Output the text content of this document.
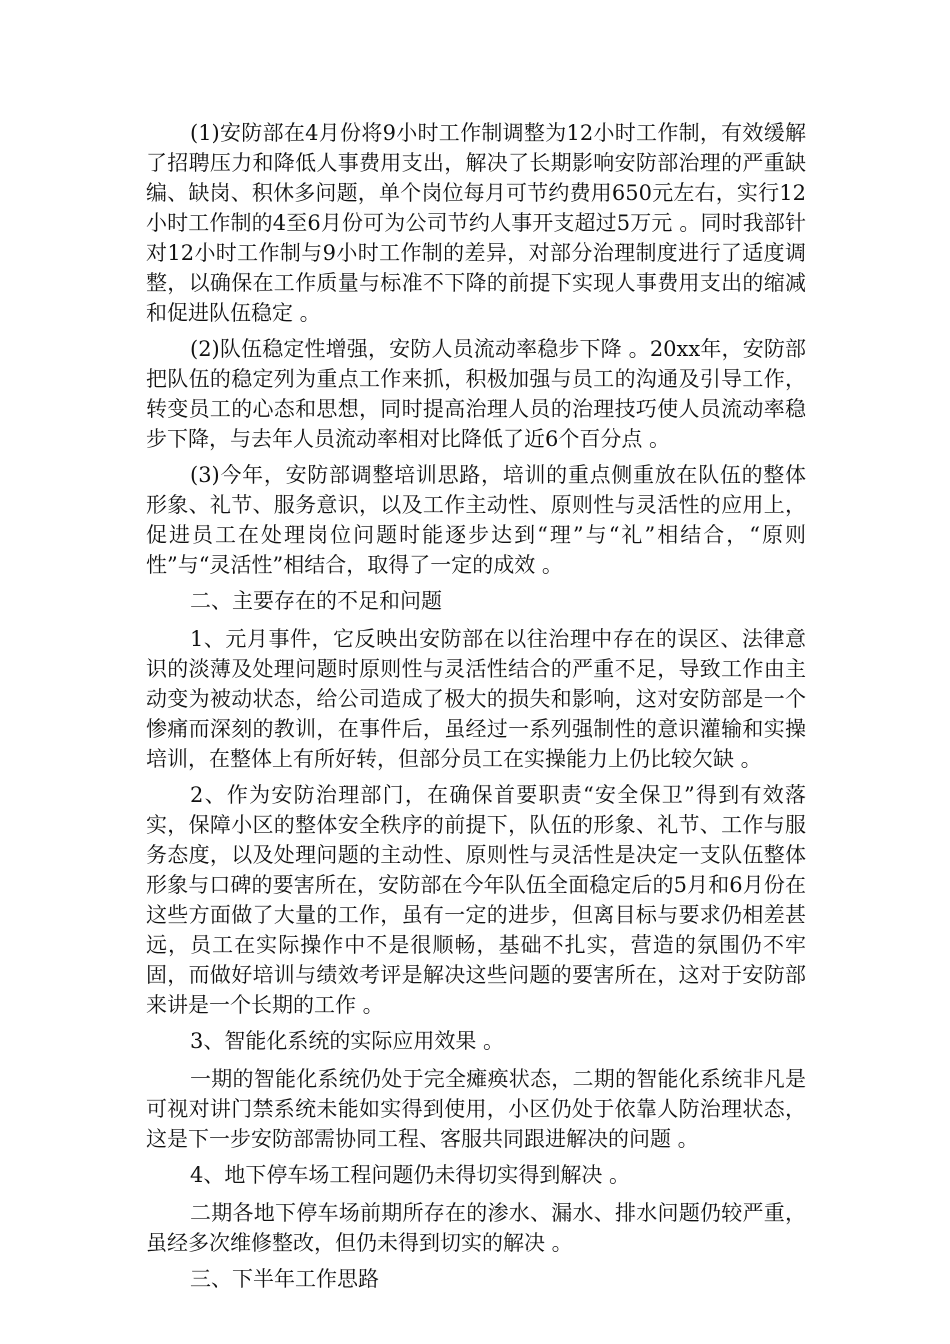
(1)安防部在4月份将9小时工作制调整为12小时工作制，有效缓解了招聘压力和降低人事费用支出，解决了长期影响安防部治理的严重缺编、缺岗、积休多问题，单个岗位每月可节约费用650元左右，实行12小时工作制的4至6月份可为公司节约人事开支超过5万元 。同时我部针对12小时工作制与9小时工作制的差异，对部分治理制度进行了适度调整，以确保在工作质量与标准不下降的前提下实现人事费用支出的缩减和促进队伍稳定 。

(2)队伍稳定性增强，安防人员流动率稳步下降 。20xx年，安防部把队伍的稳定列为重点工作来抓，积极加强与员工的沟通及引导工作，转变员工的心态和思想，同时提高治理人员的治理技巧使人员流动率稳步下降，与去年人员流动率相对比降低了近6个百分点 。

(3)今年，安防部调整培训思路，培训的重点侧重放在队伍的整体形象、礼节、服务意识，以及工作主动性、原则性与灵活性的应用上，促进员工在处理岗位问题时能逐步达到“理”与“礼”相结合，“原则性”与“灵活性”相结合，取得了一定的成效 。

二、主要存在的不足和问题

1、元月事件，它反映出安防部在以往治理中存在的误区、法律意识的淡薄及处理问题时原则性与灵活性结合的严重不足，导致工作由主动变为被动状态，给公司造成了极大的损失和影响，这对安防部是一个惨痛而深刻的教训，在事件后，虽经过一系列强制性的意识灌输和实操培训，在整体上有所好转，但部分员工在实操能力上仍比较欠缺 。

2、作为安防治理部门，在确保首要职责“安全保卫”得到有效落实，保障小区的整体安全秩序的前提下，队伍的形象、礼节、工作与服务态度，以及处理问题的主动性、原则性与灵活性是决定一支队伍整体形象与口碑的要害所在，安防部在今年队伍全面稳定后的5月和6月份在这些方面做了大量的工作，虽有一定的进步，但离目标与要求仍相差甚远，员工在实际操作中不是很顺畅，基础不扎实，营造的氛围仍不牢固，而做好培训与绩效考评是解决这些问题的要害所在，这对于安防部来讲是一个长期的工作 。

3、智能化系统的实际应用效果 。

一期的智能化系统仍处于完全瘫痪状态，二期的智能化系统非凡是可视对讲门禁系统未能如实得到使用，小区仍处于依靠人防治理状态，这是下一步安防部需协同工程、客服共同跟进解决的问题 。

4、地下停车场工程问题仍未得切实得到解决 。

二期各地下停车场前期所存在的渗水、漏水、排水问题仍较严重，虽经多次维修整改，但仍未得到切实的解决 。

三、下半年工作思路
